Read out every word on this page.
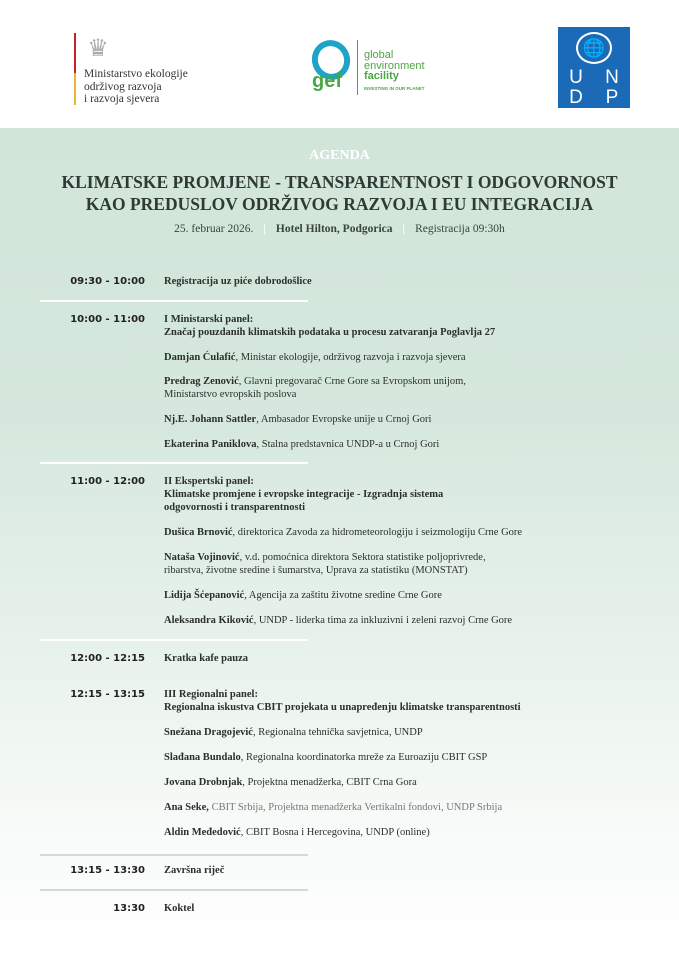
♛
Ministarstvo ekologije
održivog razvoja
i razvoja sjevera
gef
global
environment
facility
INVESTING IN OUR PLANET
🌐
U	N
D	P
AGENDA
KLIMATSKE PROMJENE - TRANSPARENTNOST I ODGOVORNOST
KAO PREDUSLOV ODRŽIVOG RAZVOJA I EU INTEGRACIJA
25. februar 2026. | Hotel Hilton, Podgorica | Registracija 09:30h
09:30 - 10:00 Registracija uz piće dobrodošlice
10:00 - 11:00 I Ministarski panel:
Značaj pouzdanih klimatskih podataka u procesu zatvaranja Poglavlja 27
Damjan Ćulafić, Ministar ekologije, održivog razvoja i razvoja sjevera
Predrag Zenović, Glavni pregovarač Crne Gore sa Evropskom unijom,
Ministarstvo evropskih poslova
Nj.E. Johann Sattler, Ambasador Evropske unije u Crnoj Gori
Ekaterina Paniklova, Stalna predstavnica UNDP-a u Crnoj Gori
11:00 - 12:00 II Ekspertski panel:
Klimatske promjene i evropske integracije - Izgradnja sistema
odgovornosti i transparentnosti
Dušica Brnović, direktorica Zavoda za hidrometeorologiju i seizmologiju Crne Gore
Nataša Vojinović, v.d. pomoćnica direktora Sektora statistike poljoprivrede,
ribarstva, životne sredine i šumarstva, Uprava za statistiku (MONSTAT)
Lidija Šćepanović, Agencija za zaštitu životne sredine Crne Gore
Aleksandra Kiković, UNDP - liderka tima za inkluzivni i zeleni razvoj Crne Gore
12:00 - 12:15 Kratka kafe pauza
12:15 - 13:15 III Regionalni panel:
Regionalna iskustva CBIT projekata u unapređenju klimatske transparentnosti
Snežana Dragojević, Regionalna tehnička savjetnica, UNDP
Slađana Bundalo, Regionalna koordinatorka mreže za Euroaziju CBIT GSP
Jovana Drobnjak, Projektna menadžerka, CBIT Crna Gora
Ana Seke, CBIT Srbija, Projektna menadžerka Vertikalni fondovi, UNDP Srbija
Aldin Međedović, CBIT Bosna i Hercegovina, UNDP (online)
13:15 - 13:30 Završna riječ
13:30 Koktel
